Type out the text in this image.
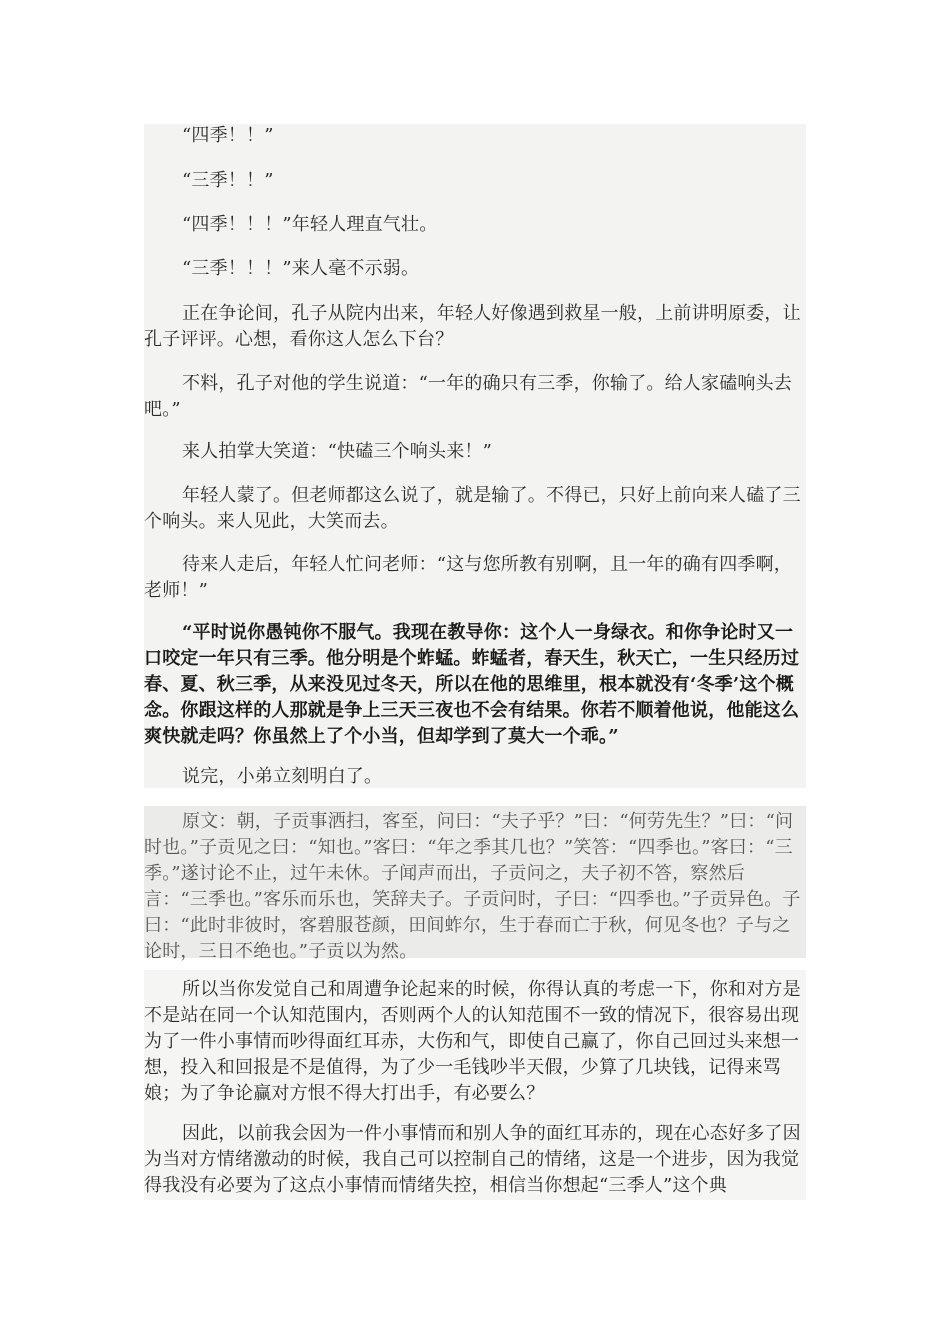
“四季！！”

“三季！！”

“四季！！！”年轻人理直气壮。

“三季！！！”来人毫不示弱。

正在争论间，孔子从院内出来，年轻人好像遇到救星一般，上前讲明原委，让孔子评评。心想，看你这人怎么下台？

不料，孔子对他的学生说道：“一年的确只有三季，你输了。给人家磕响头去吧。”

来人拍掌大笑道：“快磕三个响头来！”

年轻人蒙了。但老师都这么说了，就是输了。不得已，只好上前向来人磕了三个响头。来人见此，大笑而去。

待来人走后，年轻人忙问老师：“这与您所教有别啊，且一年的确有四季啊，老师！”

“平时说你愚钝你不服气。我现在教导你：这个人一身绿衣。和你争论时又一口咬定一年只有三季。他分明是个蚱蜢。蚱蜢者，春天生，秋天亡，一生只经历过春、夏、秋三季，从来没见过冬天，所以在他的思维里，根本就没有‘冬季’这个概念。你跟这样的人那就是争上三天三夜也不会有结果。你若不顺着他说，他能这么爽快就走吗？你虽然上了个小当，但却学到了莫大一个乖。”

说完，小弟立刻明白了。

原文：朝，子贡事洒扫，客至，问曰：“夫子乎？”曰：“何劳先生？”曰：“问时也。”子贡见之曰：“知也。”客曰：“年之季其几也？”笑答：“四季也。”客曰：“三季。”遂讨论不止，过午未休。子闻声而出，子贡问之，夫子初不答，察然后言：“三季也。”客乐而乐也，笑辞夫子。子贡问时，子曰：“四季也。”子贡异色。子曰：“此时非彼时，客碧服苍颜，田间蚱尔，生于春而亡于秋，何见冬也？子与之论时，三日不绝也。”子贡以为然。

所以当你发觉自己和周遭争论起来的时候，你得认真的考虑一下，你和对方是不是站在同一个认知范围内，否则两个人的认知范围不一致的情况下，很容易出现为了一件小事情而吵得面红耳赤，大伤和气，即使自己赢了，你自己回过头来想一想，投入和回报是不是值得，为了少一毛钱吵半天假，少算了几块钱，记得来骂娘；为了争论赢对方恨不得大打出手，有必要么？

因此，以前我会因为一件小事情而和别人争的面红耳赤的，现在心态好多了因为当对方情绪激动的时候，我自己可以控制自己的情绪，这是一个进步，因为我觉得我没有必要为了这点小事情而情绪失控，相信当你想起“三季人”这个典
